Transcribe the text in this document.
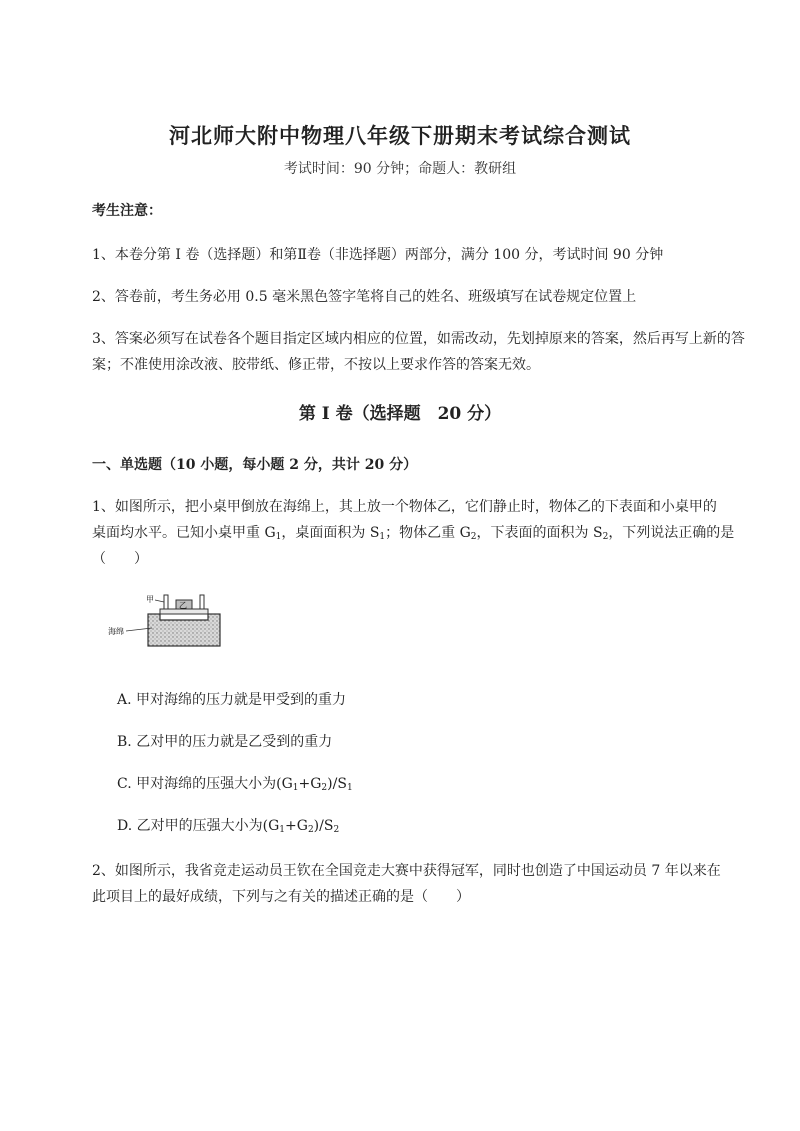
河北师大附中物理八年级下册期末考试综合测试
考试时间：90 分钟；命题人：教研组
考生注意：
1、本卷分第 I 卷（选择题）和第Ⅱ卷（非选择题）两部分，满分 100 分，考试时间 90 分钟
2、答卷前，考生务必用 0.5 毫米黑色签字笔将自己的姓名、班级填写在试卷规定位置上
3、答案必须写在试卷各个题目指定区域内相应的位置，如需改动，先划掉原来的答案，然后再写上新的答案；不准使用涂改液、胶带纸、修正带，不按以上要求作答的答案无效。
第 I 卷（选择题　20 分）
一、单选题（10 小题，每小题 2 分，共计 20 分）
1、如图所示，把小桌甲倒放在海绵上，其上放一个物体乙，它们静止时，物体乙的下表面和小桌甲的
桌面均水平。已知小桌甲重 $G_1$，桌面面积为 $S_1$；物体乙重 $G_2$，下表面的面积为 $S_2$，下列说法正确的是
（　　）
乙
甲
海绵
A. 甲对海绵的压力就是甲受到的重力
B. 乙对甲的压力就是乙受到的重力
C. 甲对海绵的压强大小为$(G_1+G_2)/S_1$
D. 乙对甲的压强大小为$(G_1+G_2)/S_2$
2、如图所示，我省竞走运动员王钦在全国竞走大赛中获得冠军，同时也创造了中国运动员 7 年以来在
此项目上的最好成绩，下列与之有关的描述正确的是（　　）
